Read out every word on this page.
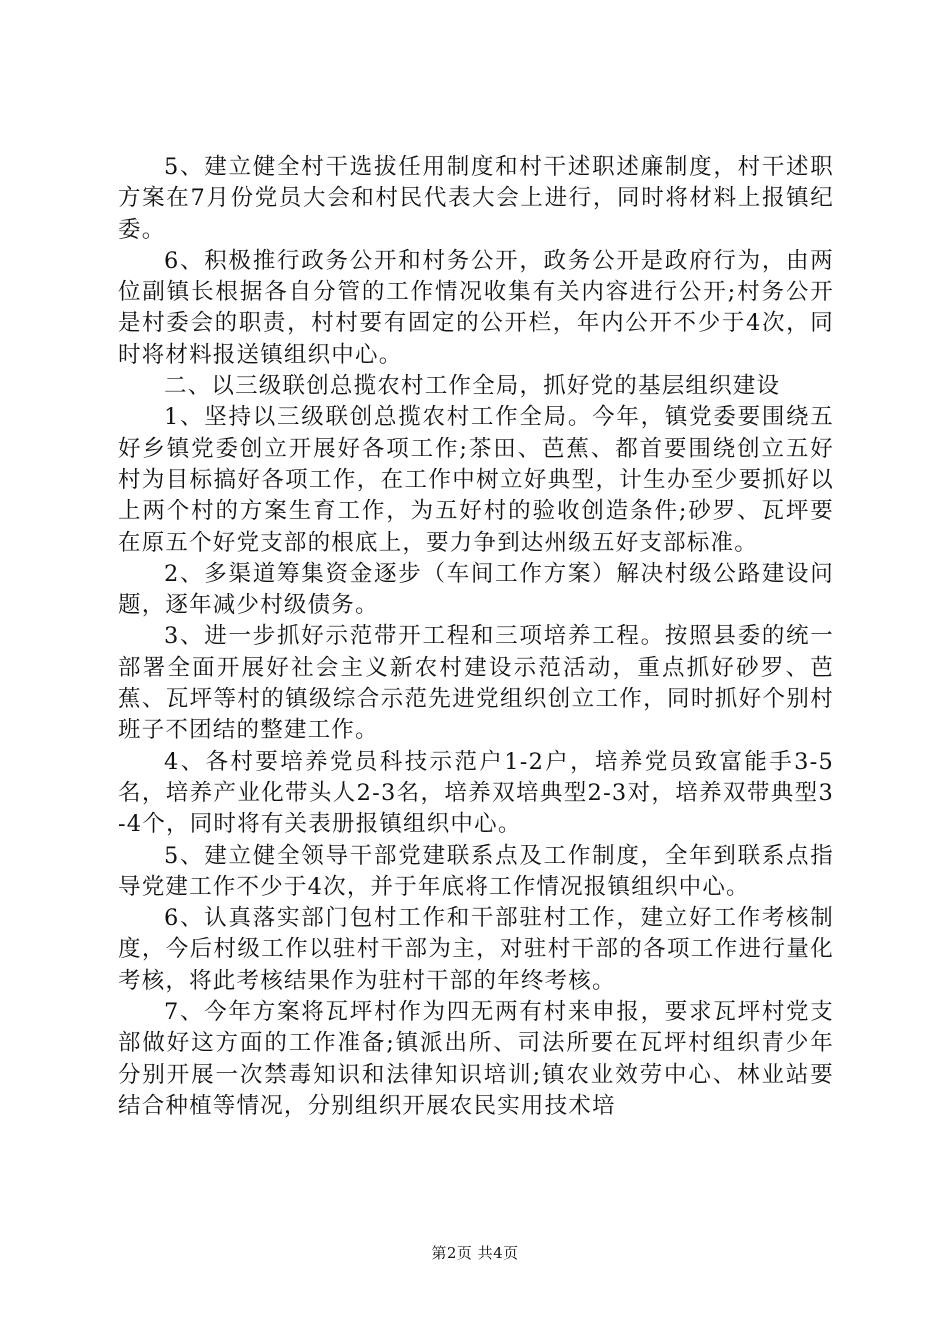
5、建立健全村干选拔任用制度和村干述职述廉制度，村干述职方案在7月份党员大会和村民代表大会上进行，同时将材料上报镇纪委。

6、积极推行政务公开和村务公开，政务公开是政府行为，由两位副镇长根据各自分管的工作情况收集有关内容进行公开;村务公开是村委会的职责，村村要有固定的公开栏，年内公开不少于4次，同时将材料报送镇组织中心。

二、以三级联创总揽农村工作全局，抓好党的基层组织建设

1、坚持以三级联创总揽农村工作全局。今年，镇党委要围绕五好乡镇党委创立开展好各项工作;茶田、芭蕉、都首要围绕创立五好村为目标搞好各项工作，在工作中树立好典型，计生办至少要抓好以上两个村的方案生育工作，为五好村的验收创造条件;砂罗、瓦坪要在原五个好党支部的根底上，要力争到达州级五好支部标准。

2、多渠道筹集资金逐步（车间工作方案）解决村级公路建设问题，逐年减少村级债务。

3、进一步抓好示范带开工程和三项培养工程。按照县委的统一部署全面开展好社会主义新农村建设示范活动，重点抓好砂罗、芭蕉、瓦坪等村的镇级综合示范先进党组织创立工作，同时抓好个别村班子不团结的整建工作。

4、各村要培养党员科技示范户1-2户，培养党员致富能手3-5名，培养产业化带头人2-3名，培养双培典型2-3对，培养双带典型3-4个，同时将有关表册报镇组织中心。

5、建立健全领导干部党建联系点及工作制度，全年到联系点指导党建工作不少于4次，并于年底将工作情况报镇组织中心。

6、认真落实部门包村工作和干部驻村工作，建立好工作考核制度，今后村级工作以驻村干部为主，对驻村干部的各项工作进行量化考核，将此考核结果作为驻村干部的年终考核。

7、今年方案将瓦坪村作为四无两有村来申报，要求瓦坪村党支部做好这方面的工作准备;镇派出所、司法所要在瓦坪村组织青少年分别开展一次禁毒知识和法律知识培训;镇农业效劳中心、林业站要结合种植等情况，分别组织开展农民实用技术培

第2页 共4页
